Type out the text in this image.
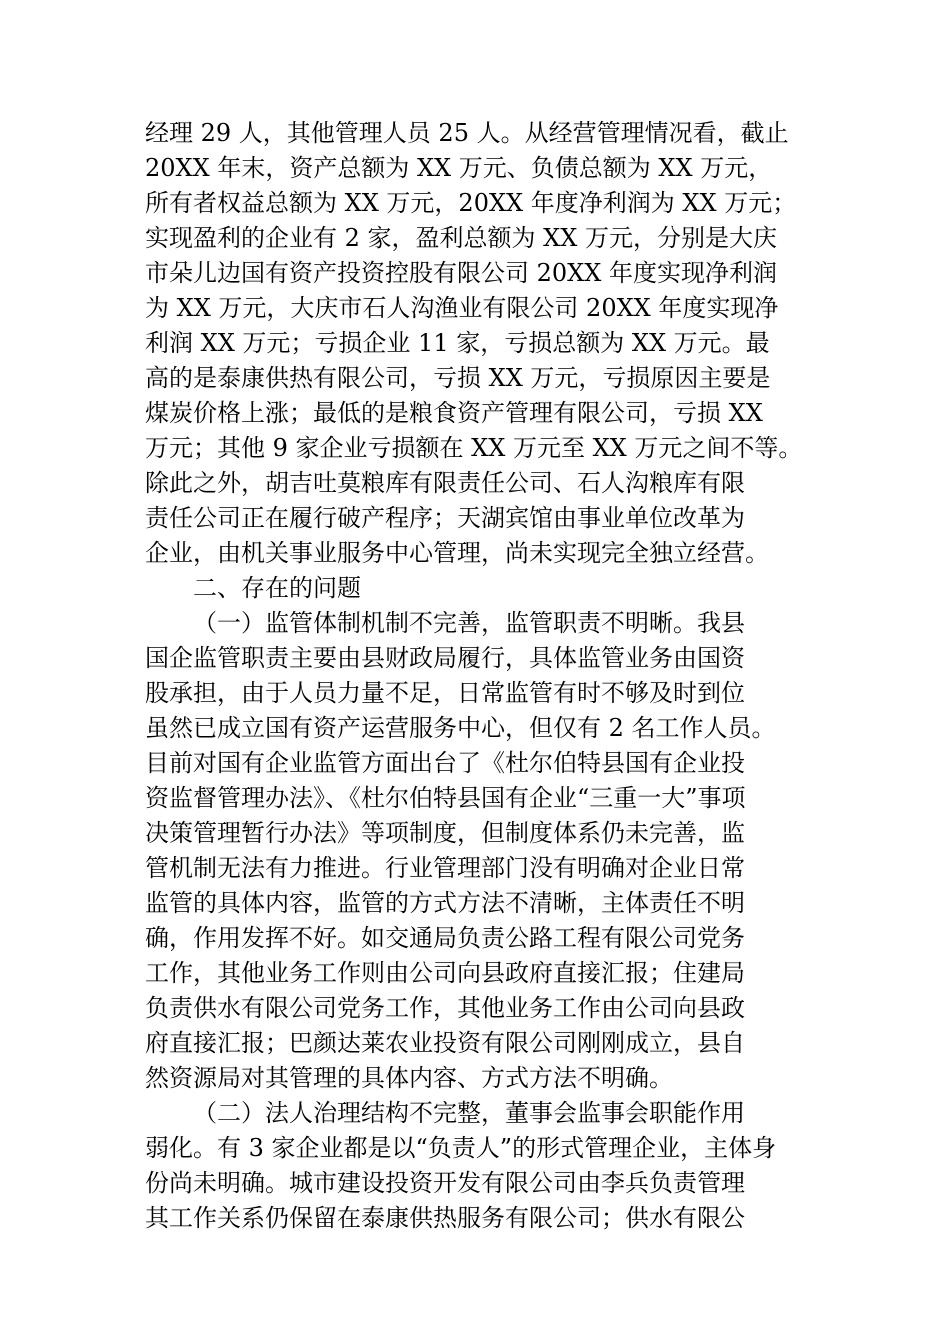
经理 29 人，其他管理人员 25 人。从经营管理情况看，截止
20XX 年末，资产总额为 XX 万元、负债总额为 XX 万元，
所有者权益总额为 XX 万元，20XX 年度净利润为 XX 万元；
实现盈利的企业有 2 家，盈利总额为 XX 万元，分别是大庆
市朵儿边国有资产投资控股有限公司 20XX 年度实现净利润
为 XX 万元，大庆市石人沟渔业有限公司 20XX 年度实现净
利润 XX 万元；亏损企业 11 家，亏损总额为 XX 万元。最
高的是泰康供热有限公司，亏损 XX 万元，亏损原因主要是
煤炭价格上涨；最低的是粮食资产管理有限公司，亏损 XX
万元；其他 9 家企业亏损额在 XX 万元至 XX 万元之间不等。
除此之外，胡吉吐莫粮库有限责任公司、石人沟粮库有限
责任公司正在履行破产程序；天湖宾馆由事业单位改革为
企业，由机关事业服务中心管理，尚未实现完全独立经营。
二、存在的问题
（一）监管体制机制不完善，监管职责不明晰。我县
国企监管职责主要由县财政局履行，具体监管业务由国资
股承担，由于人员力量不足，日常监管有时不够及时到位
虽然已成立国有资产运营服务中心，但仅有 2 名工作人员。
目前对国有企业监管方面出台了《杜尔伯特县国有企业投
资监督管理办法》、《杜尔伯特县国有企业“三重一大”事项
决策管理暂行办法》等项制度，但制度体系仍未完善，监
管机制无法有力推进。行业管理部门没有明确对企业日常
监管的具体内容，监管的方式方法不清晰，主体责任不明
确，作用发挥不好。如交通局负责公路工程有限公司党务
工作，其他业务工作则由公司向县政府直接汇报；住建局
负责供水有限公司党务工作，其他业务工作由公司向县政
府直接汇报；巴颜达莱农业投资有限公司刚刚成立，县自
然资源局对其管理的具体内容、方式方法不明确。
（二）法人治理结构不完整，董事会监事会职能作用
弱化。有 3 家企业都是以“负责人”的形式管理企业，主体身
份尚未明确。城市建设投资开发有限公司由李兵负责管理
其工作关系仍保留在泰康供热服务有限公司；供水有限公
